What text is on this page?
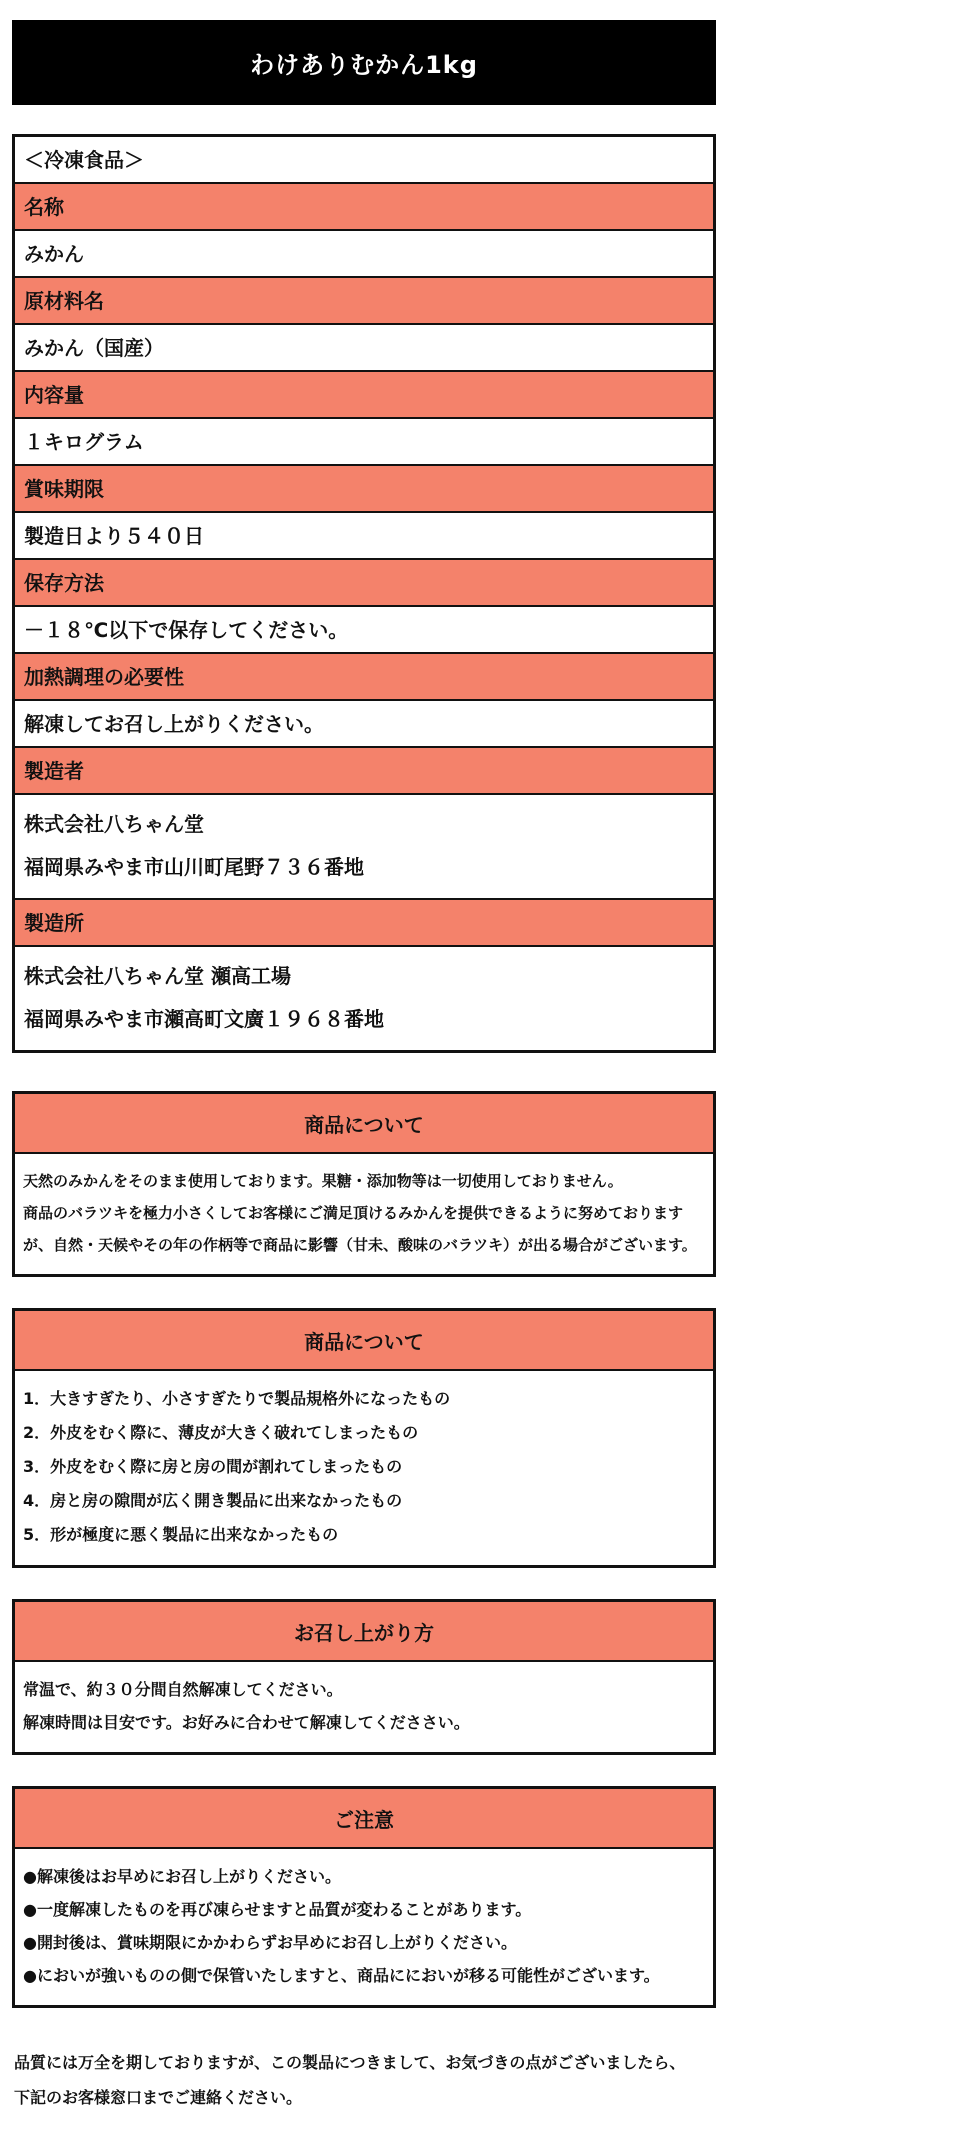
わけありむかん1kg
＜冷凍食品＞
名称
みかん
原材料名
みかん（国産）
内容量
１キログラム
賞味期限
製造日より５４０日
保存方法
－１８℃以下で保存してください。
加熱調理の必要性
解凍してお召し上がりください。
製造者
株式会社八ちゃん堂
福岡県みやま市山川町尾野７３６番地
製造所
株式会社八ちゃん堂 瀬高工場
福岡県みやま市瀬高町文廣１９６８番地
商品について
天然のみかんをそのまま使用しております。果糖・添加物等は一切使用しておりません。
商品のバラツキを極力小さくしてお客様にご満足頂けるみかんを提供できるように努めております
が、自然・天候やその年の作柄等で商品に影響（甘未、酸味のバラツキ）が出る場合がございます。
商品について
1．大きすぎたり、小さすぎたりで製品規格外になったもの
2．外皮をむく際に、薄皮が大きく破れてしまったもの
3．外皮をむく際に房と房の間が割れてしまったもの
4．房と房の隙間が広く開き製品に出来なかったもの
5．形が極度に悪く製品に出来なかったもの
お召し上がり方
常温で、約３０分間自然解凍してください。
解凍時間は目安です。お好みに合わせて解凍してくだささい。
ご注意
●解凍後はお早めにお召し上がりください。
●一度解凍したものを再び凍らせますと品質が変わることがあります。
●開封後は、賞味期限にかかわらずお早めにお召し上がりください。
●においが強いものの側で保管いたしますと、商品ににおいが移る可能性がございます。
品質には万全を期しておりますが、この製品につきまして、お気づきの点がございましたら、
下記のお客様窓口までご連絡ください。
